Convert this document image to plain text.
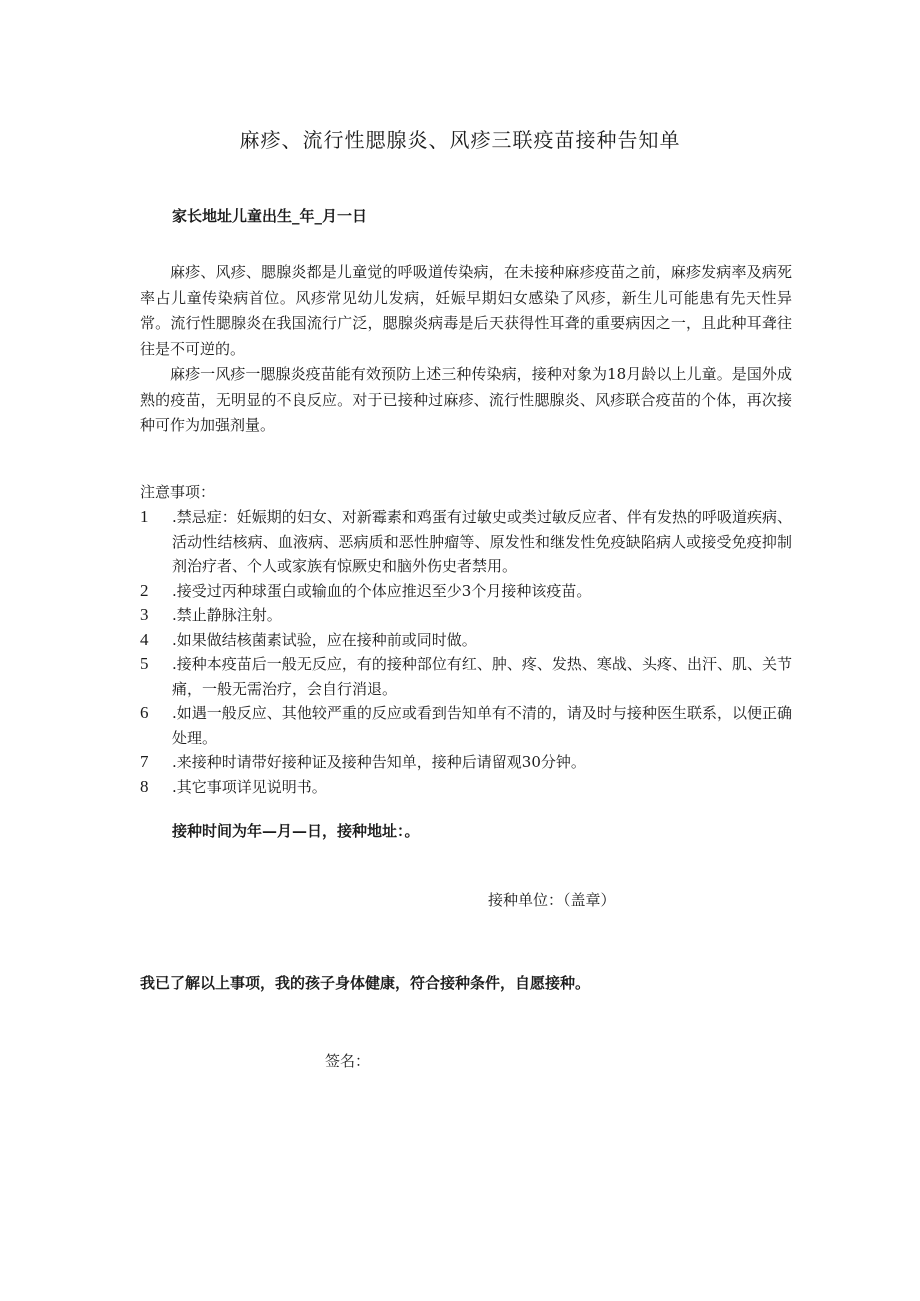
麻疹、流行性腮腺炎、风疹三联疫苗接种告知单
家长地址儿童出生_年_月一日

麻疹、风疹、腮腺炎都是儿童觉的呼吸道传染病，在未接种麻疹疫苗之前，麻疹发病率及病死率占儿童传染病首位。风疹常见幼儿发病，妊娠早期妇女感染了风疹，新生儿可能患有先天性异常。流行性腮腺炎在我国流行广泛，腮腺炎病毒是后天获得性耳聋的重要病因之一，且此种耳聋往往是不可逆的。

麻疹一风疹一腮腺炎疫苗能有效预防上述三种传染病，接种对象为18月龄以上儿童。是国外成熟的疫苗，无明显的不良反应。对于已接种过麻疹、流行性腮腺炎、风疹联合疫苗的个体，再次接种可作为加强剂量。

注意事项：
1	.禁忌症：妊娠期的妇女、对新霉素和鸡蛋有过敏史或类过敏反应者、伴有发热的呼吸道疾病、活动性结核病、血液病、恶病质和恶性肿瘤等、原发性和继发性免疫缺陷病人或接受免疫抑制剂治疗者、个人或家族有惊厥史和脑外伤史者禁用。
2	.接受过丙种球蛋白或输血的个体应推迟至少3个月接种该疫苗。
3	.禁止静脉注射。
4	.如果做结核菌素试验，应在接种前或同时做。
5	.接种本疫苗后一般无反应，有的接种部位有红、肿、疼、发热、寒战、头疼、出汗、肌、关节痛，一般无需治疗，会自行消退。
6	.如遇一般反应、其他较严重的反应或看到告知单有不清的，请及时与接种医生联系，以便正确处理。
7	.来接种时请带好接种证及接种告知单，接种后请留观30分钟。
8	.其它事项详见说明书。
接种时间为年—月—日，接种地址：。
接种单位：（盖章）
我已了解以上事项，我的孩子身体健康，符合接种条件，自愿接种。
签名：
